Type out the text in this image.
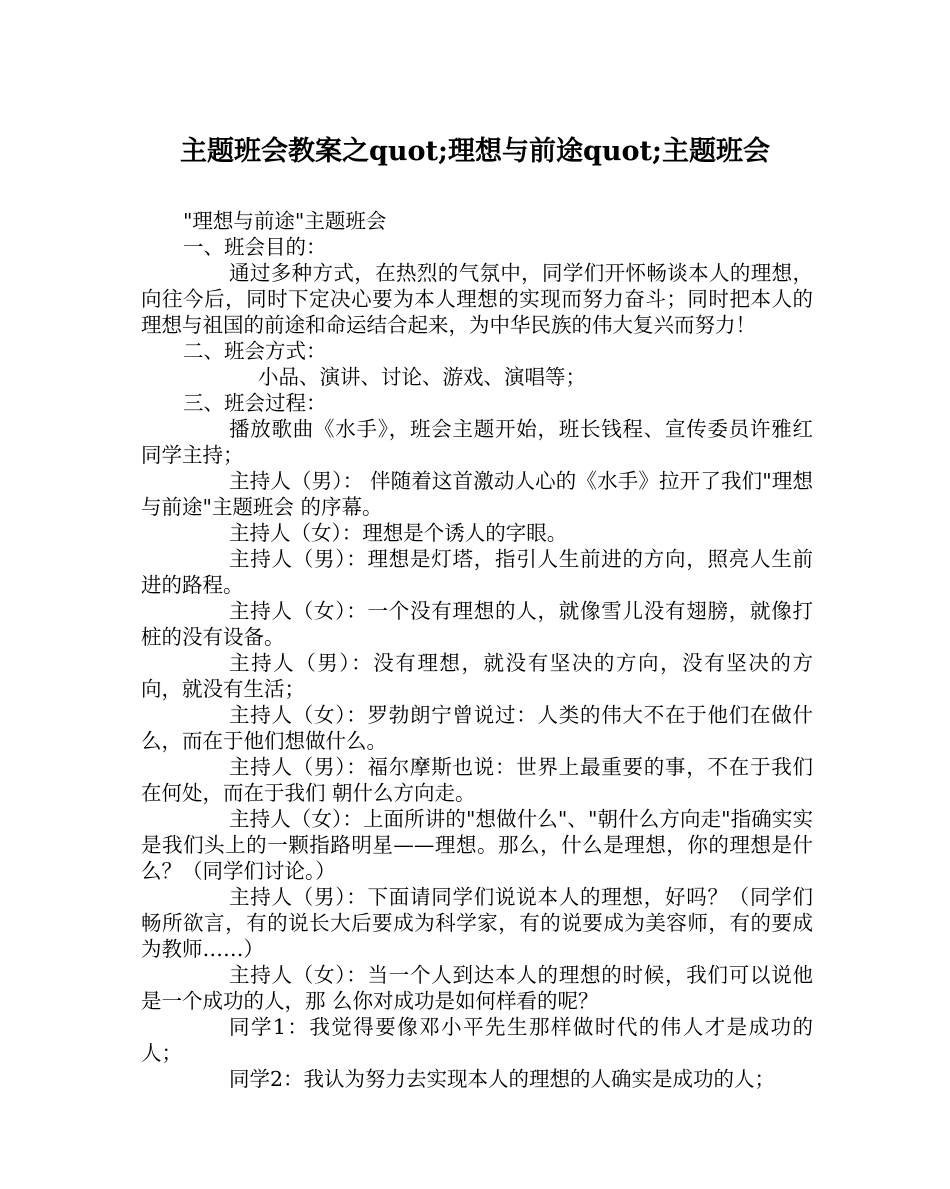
主题班会教案之quot;理想与前途quot;主题班会

"理想与前途"主题班会

一、班会目的：

通过多种方式，在热烈的气氛中，同学们开怀畅谈本人的理想，向往今后，同时下定决心要为本人理想的实现而努力奋斗；同时把本人的理想与祖国的前途和命运结合起来，为中华民族的伟大复兴而努力！

二、班会方式：

小品、演讲、讨论、游戏、演唱等；

三、班会过程：

播放歌曲《水手》，班会主题开始，班长钱程、宣传委员许雅红同学主持；

主持人（男）： 伴随着这首激动人心的《水手》拉开了我们"理想与前途"主题班会 的序幕。

主持人（女）：理想是个诱人的字眼。

主持人（男）：理想是灯塔，指引人生前进的方向，照亮人生前进的路程。

主持人（女）：一个没有理想的人，就像雪儿没有翅膀，就像打桩的没有设备。

主持人（男）：没有理想，就没有坚决的方向，没有坚决的方向，就没有生活；

主持人（女）：罗勃朗宁曾说过：人类的伟大不在于他们在做什么，而在于他们想做什么。

主持人（男）：福尔摩斯也说：世界上最重要的事，不在于我们在何处，而在于我们 朝什么方向走。

主持人（女）：上面所讲的"想做什么"、"朝什么方向走"指确实实是我们头上的一颗指路明星——理想。那么，什么是理想，你的理想是什么？（同学们讨论。）

主持人（男）：下面请同学们说说本人的理想，好吗？（同学们畅所欲言，有的说长大后要成为科学家，有的说要成为美容师，有的要成为教师……）

主持人（女）：当一个人到达本人的理想的时候，我们可以说他是一个成功的人，那 么你对成功是如何样看的呢？

同学1：我觉得要像邓小平先生那样做时代的伟人才是成功的人；

同学2：我认为努力去实现本人的理想的人确实是成功的人；
